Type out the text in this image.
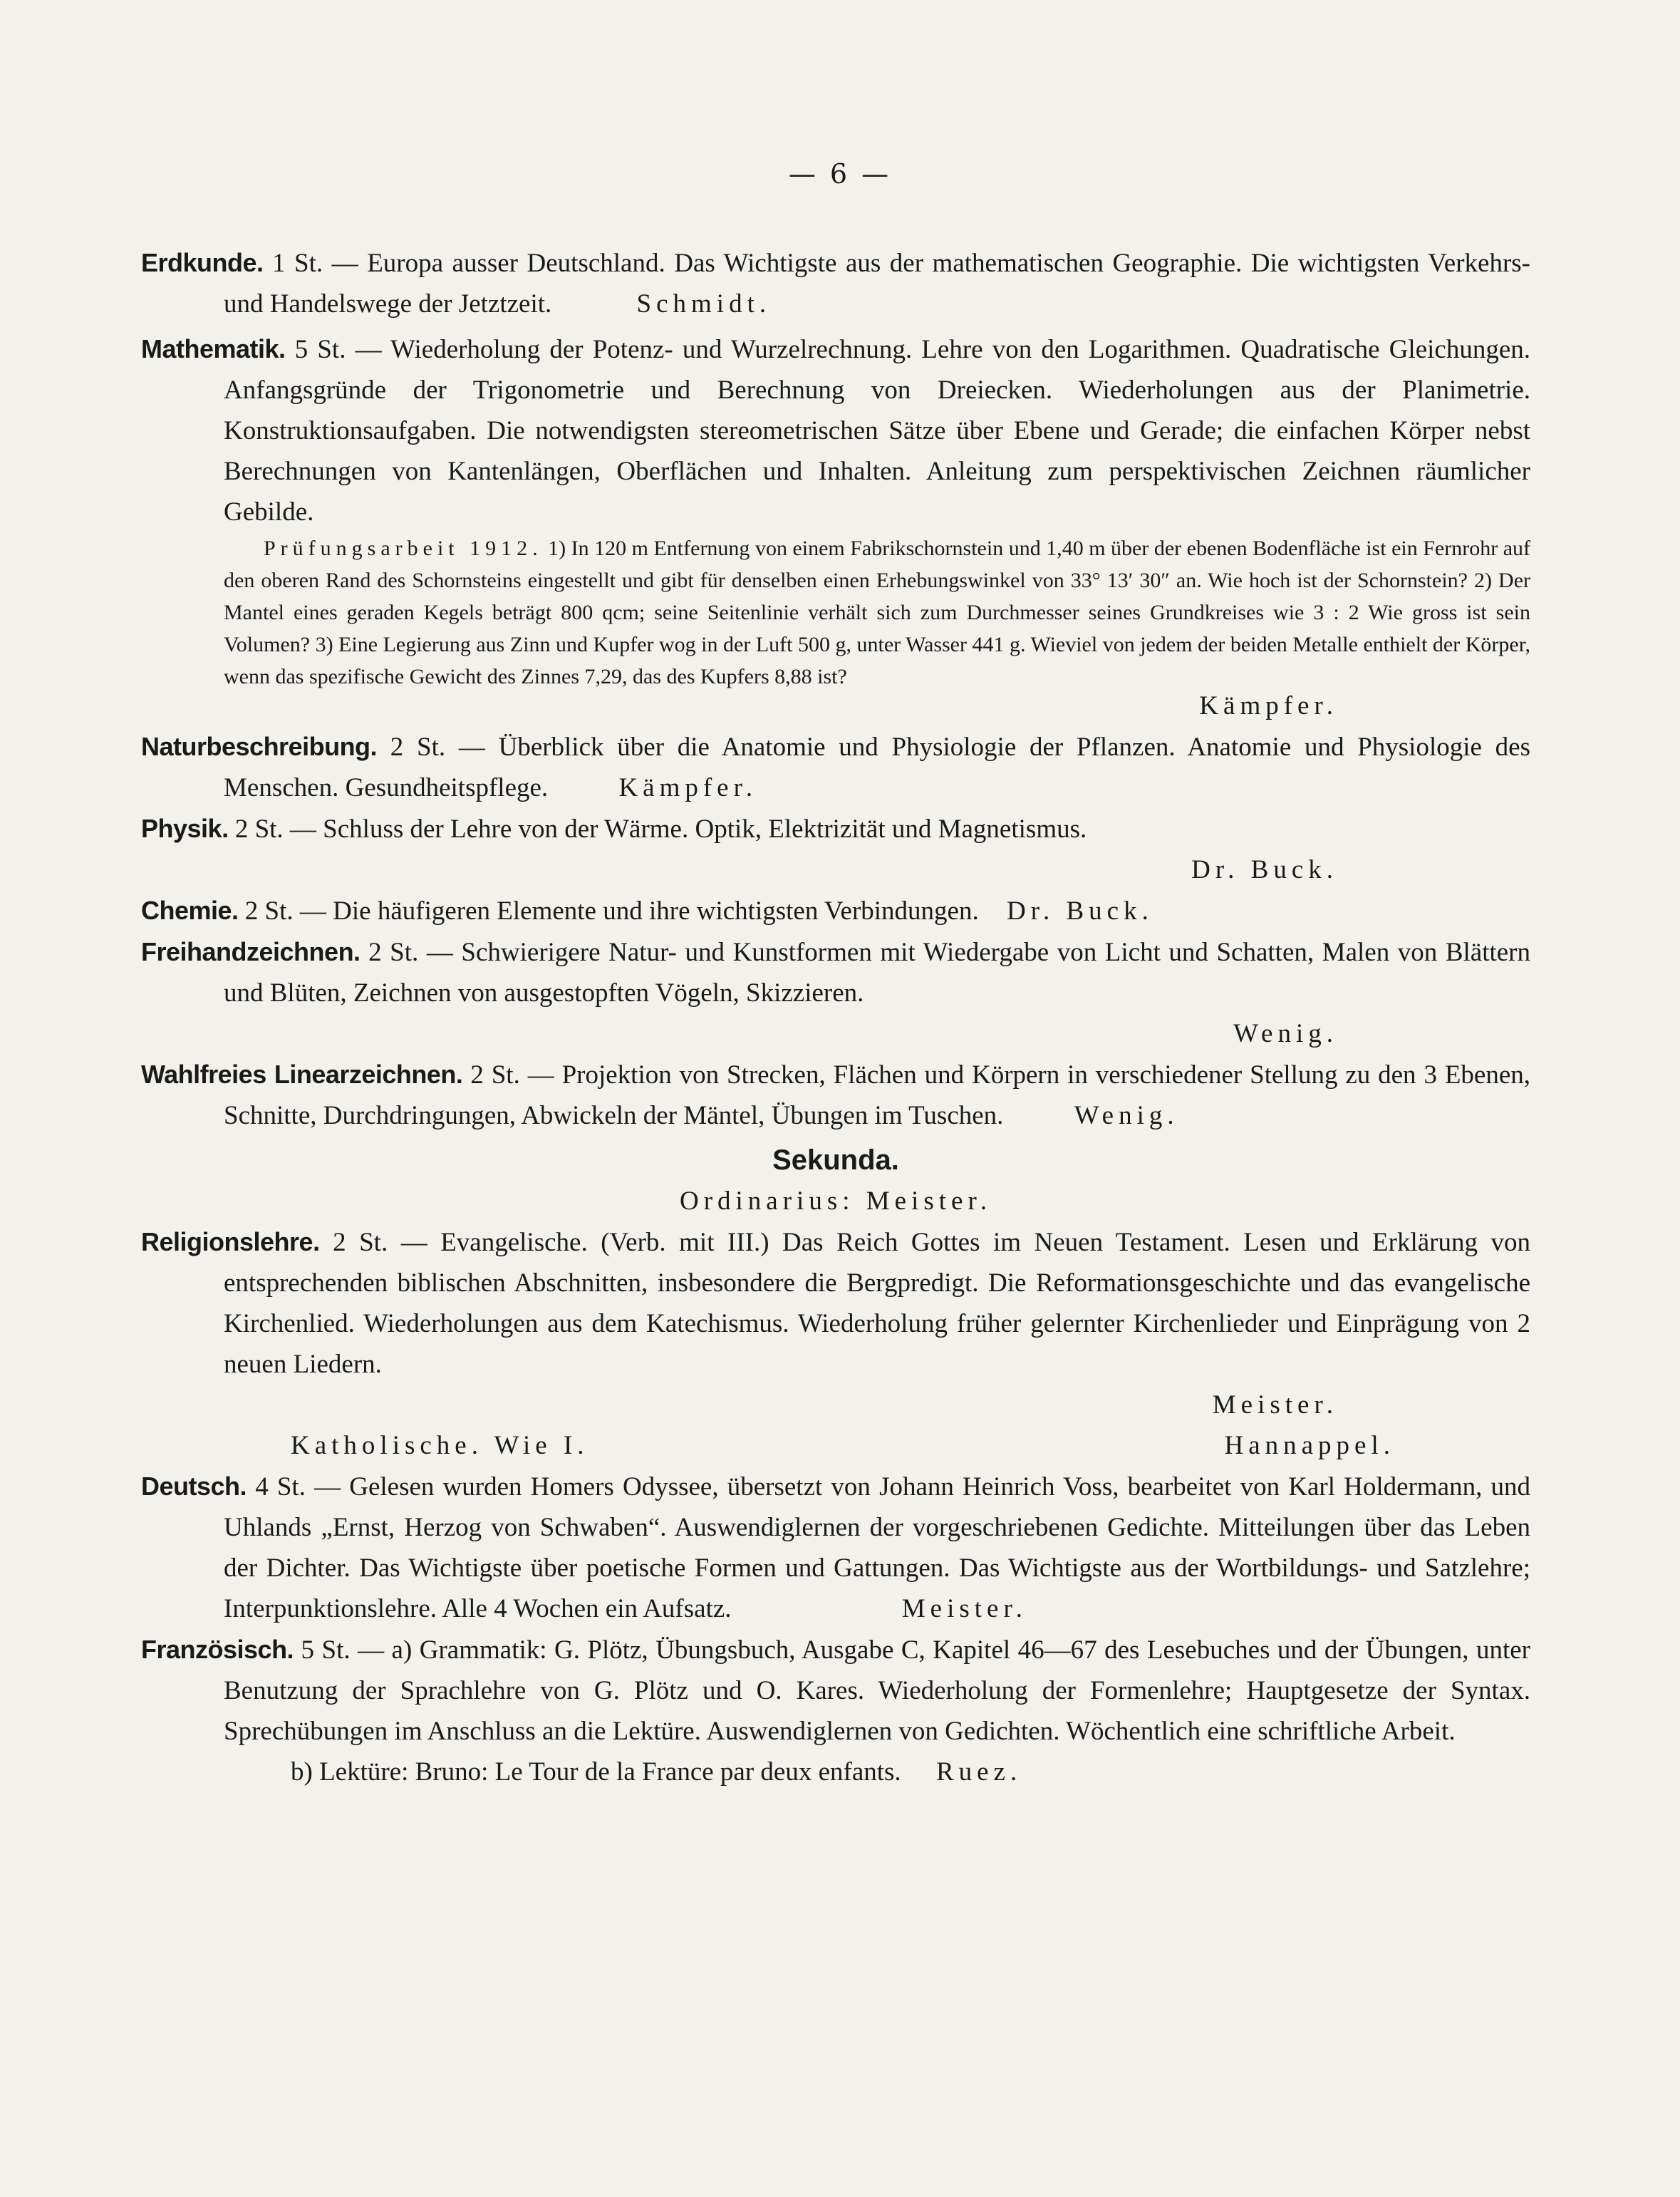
— 6 —

Erdkunde. 1 St. — Europa ausser Deutschland. Das Wichtigste aus der mathematischen Geographie. Die wichtigsten Verkehrs- und Handelswege der Jetztzeit.	Schmidt.

Mathematik. 5 St. — Wiederholung der Potenz- und Wurzelrechnung. Lehre von den Logarithmen. Quadratische Gleichungen. Anfangsgründe der Trigonometrie und Berechnung von Dreiecken. Wiederholungen aus der Planimetrie. Konstruktionsaufgaben. Die notwendigsten stereometrischen Sätze über Ebene und Gerade; die einfachen Körper nebst Berechnungen von Kantenlängen, Oberflächen und Inhalten. Anleitung zum perspektivischen Zeichnen räumlicher Gebilde.

Prüfungsarbeit 1912. 1) In 120 m Entfernung von einem Fabrikschornstein und 1,40 m über der ebenen Bodenfläche ist ein Fernrohr auf den oberen Rand des Schornsteins eingestellt und gibt für denselben einen Erhebungswinkel von 33° 13′ 30″ an. Wie hoch ist der Schornstein? 2) Der Mantel eines geraden Kegels beträgt 800 qcm; seine Seitenlinie verhält sich zum Durchmesser seines Grundkreises wie 3 : 2 Wie gross ist sein Volumen? 3) Eine Legierung aus Zinn und Kupfer wog in der Luft 500 g, unter Wasser 441 g. Wieviel von jedem der beiden Metalle enthielt der Körper, wenn das spezifische Gewicht des Zinnes 7,29, das des Kupfers 8,88 ist?

Kämpfer.

Naturbeschreibung. 2 St. — Überblick über die Anatomie und Physiologie der Pflanzen. Anatomie und Physiologie des Menschen. Gesundheitspflege.	Kämpfer.

Physik. 2 St. — Schluss der Lehre von der Wärme. Optik, Elektrizität und Magnetismus.
Dr. Buck.

Chemie. 2 St. — Die häufigeren Elemente und ihre wichtigsten Verbindungen. Dr. Buck.

Freihandzeichnen. 2 St. — Schwierigere Natur- und Kunstformen mit Wiedergabe von Licht und Schatten, Malen von Blättern und Blüten, Zeichnen von ausgestopften Vögeln, Skizzieren.
Wenig.

Wahlfreies Linearzeichnen. 2 St. — Projektion von Strecken, Flächen und Körpern in verschiedener Stellung zu den 3 Ebenen, Schnitte, Durchdringungen, Abwickeln der Mäntel, Übungen im Tuschen.	Wenig.

Sekunda.
Ordinarius: Meister.

Religionslehre. 2 St. — Evangelische. (Verb. mit III.) Das Reich Gottes im Neuen Testament. Lesen und Erklärung von entsprechenden biblischen Abschnitten, insbesondere die Bergpredigt. Die Reformationsgeschichte und das evangelische Kirchenlied. Wiederholungen aus dem Katechismus. Wiederholung früher gelernter Kirchenlieder und Einprägung von 2 neuen Liedern.
Meister.

Katholische. Wie I.	Hannappel.

Deutsch. 4 St. — Gelesen wurden Homers Odyssee, übersetzt von Johann Heinrich Voss, bearbeitet von Karl Holdermann, und Uhlands „Ernst, Herzog von Schwaben“. Auswendiglernen der vorgeschriebenen Gedichte. Mitteilungen über das Leben der Dichter. Das Wichtigste über poetische Formen und Gattungen. Das Wichtigste aus der Wortbildungs- und Satzlehre; Interpunktionslehre. Alle 4 Wochen ein Aufsatz.	Meister.

Französisch. 5 St. — a) Grammatik: G. Plötz, Übungsbuch, Ausgabe C, Kapitel 46—67 des Lesebuches und der Übungen, unter Benutzung der Sprachlehre von G. Plötz und O. Kares. Wiederholung der Formenlehre; Hauptgesetze der Syntax. Sprechübungen im Anschluss an die Lektüre. Auswendiglernen von Gedichten. Wöchentlich eine schriftliche Arbeit.

b) Lektüre: Bruno: Le Tour de la France par deux enfants. Ruez.
